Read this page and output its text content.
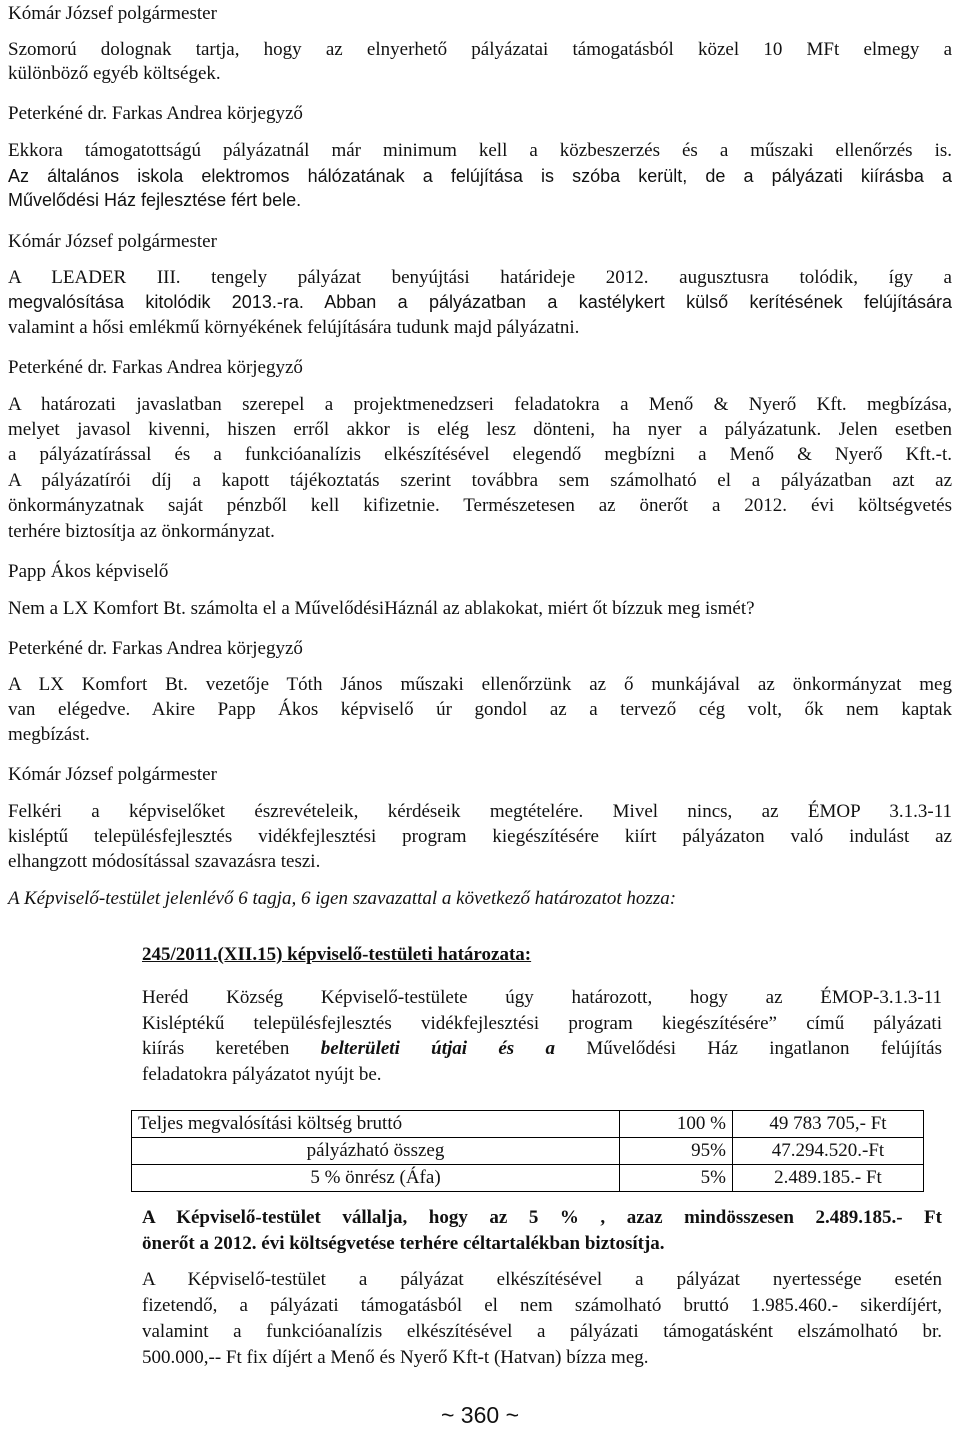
Kómár József polgármester
Szomorú dolognak tartja, hogy az elnyerhető pályázatai támogatásból közel 10 MFt elmegy a
különböző egyéb költségek.
Peterkéné dr. Farkas Andrea körjegyző
Ekkora támogatottságú pályázatnál már minimum kell a közbeszerzés és a műszaki ellenőrzés is.
Az általános iskola elektromos hálózatának a felújítása is szóba került, de a pályázati kiírásba a
Művelődési Ház fejlesztése fért bele.
Kómár József polgármester
A LEADER III. tengely pályázat benyújtási határideje 2012. augusztusra tolódik, így a
megvalósítása kitolódik 2013.-ra. Abban a pályázatban a kastélykert külső kerítésének felújítására
valamint a hősi emlékmű környékének felújítására tudunk majd pályázatni.
Peterkéné dr. Farkas Andrea körjegyző
A határozati javaslatban szerepel a projektmenedzseri feladatokra a Menő & Nyerő Kft. megbízása,
melyet javasol kivenni, hiszen erről akkor is elég lesz dönteni, ha nyer a pályázatunk. Jelen esetben
a pályázatírással és a funkcióanalízis elkészítésével elegendő megbízni a Menő & Nyerő Kft.-t.
A pályázatírói díj a kapott tájékoztatás szerint továbbra sem számolható el a pályázatban azt az
önkormányzatnak saját pénzből kell kifizetnie. Természetesen az önerőt a 2012. évi költségvetés
terhére biztosítja az önkormányzat.
Papp Ákos képviselő
Nem a LX Komfort Bt. számolta el a MűvelődésiHáznál az ablakokat, miért őt bízzuk meg ismét?
Peterkéné dr. Farkas Andrea körjegyző
A LX Komfort Bt. vezetője Tóth János műszaki ellenőrzünk az ő munkájával az önkormányzat meg
van elégedve. Akire Papp Ákos képviselő úr gondol az a tervező cég volt, ők nem kaptak
megbízást.
Kómár József polgármester
Felkéri a képviselőket észrevételeik, kérdéseik megtételére. Mivel nincs, az ÉMOP 3.1.3-11
kisléptű településfejlesztés vidékfejlesztési program kiegészítésére kiírt pályázaton való indulást az
elhangzott módosítással szavazásra teszi.
A Képviselő-testület jelenlévő 6 tagja, 6 igen szavazattal a következő határozatot hozza:
245/2011.(XII.15) képviselő-testületi határozata:
Heréd Község Képviselő-testülete úgy határozott, hogy az ÉMOP-3.1.3-11
Kisléptékű településfejlesztés vidékfejlesztési program kiegészítésére” című pályázati
kiírás keretében belterületi útjai és a Művelődési Ház ingatlanon felújítás
feladatokra pályázatot nyújt be.
Teljes megvalósítási költség bruttó	100 %	49 783 705,- Ft
pályázható összeg	95%	47.294.520.-Ft
5 % önrész (Áfa)	5%	2.489.185.- Ft
A Képviselő-testület vállalja, hogy az 5 % , azaz mindösszesen 2.489.185.- Ft
önerőt a 2012. évi költségvetése terhére céltartalékban biztosítja.
A Képviselő-testület a pályázat elkészítésével a pályázat nyertessége esetén
fizetendő, a pályázati támogatásból el nem számolható bruttó 1.985.460.- sikerdíjért,
valamint a funkcióanalízis elkészítésével a pályázati támogatásként elszámolható br.
500.000,-- Ft fix díjért a Menő és Nyerő Kft-t (Hatvan) bízza meg.
~ 360 ~
